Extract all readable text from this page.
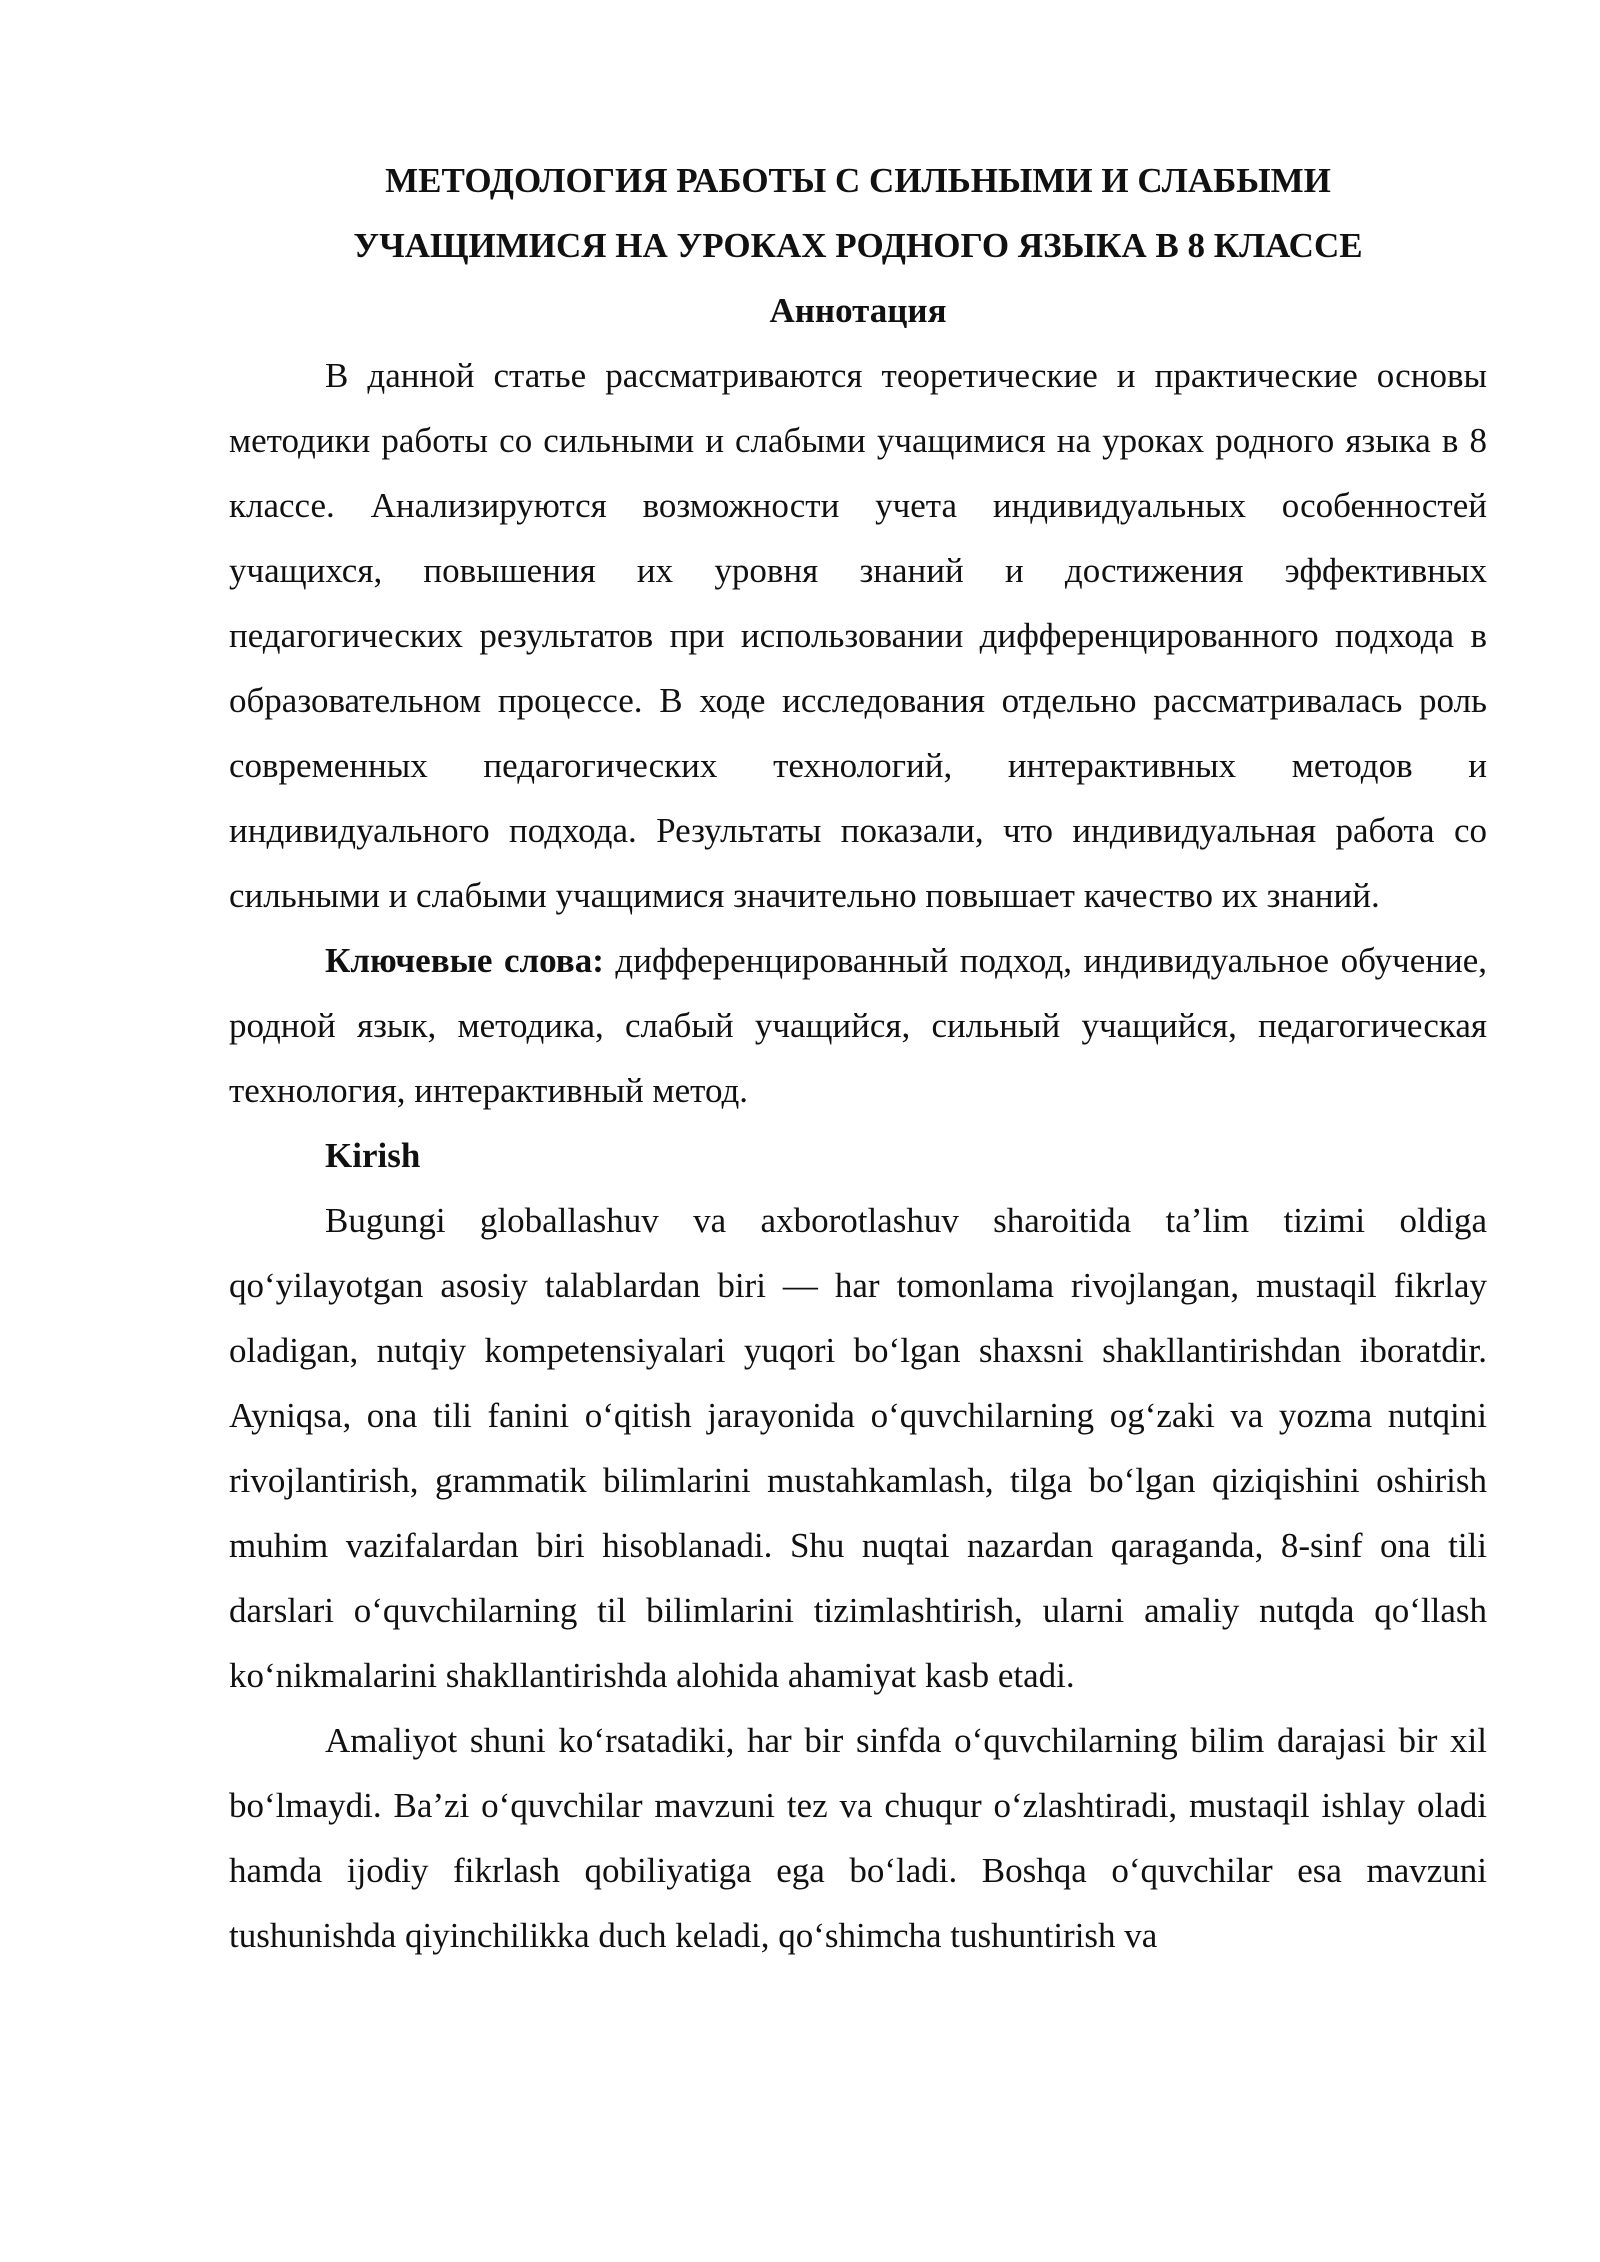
МЕТОДОЛОГИЯ РАБОТЫ С СИЛЬНЫМИ И СЛАБЫМИ

УЧАЩИМИСЯ НА УРОКАХ РОДНОГО ЯЗЫКА В 8 КЛАССЕ

Аннотация

В данной статье рассматриваются теоретические и практические основы методики работы со сильными и слабыми учащимися на уроках родного языка в 8 классе. Анализируются возможности учета индивидуальных особенностей учащихся, повышения их уровня знаний и достижения эффективных педагогических результатов при использовании дифференцированного подхода в образовательном процессе. В ходе исследования отдельно рассматривалась роль современных педагогических технологий, интерактивных методов и индивидуального подхода. Результаты показали, что индивидуальная работа со сильными и слабыми учащимися значительно повышает качество их знаний.

Ключевые слова: дифференцированный подход, индивидуальное обучение, родной язык, методика, слабый учащийся, сильный учащийся, педагогическая технология, интерактивный метод.

Kirish

Bugungi globallashuv va axborotlashuv sharoitida ta’lim tizimi oldiga qo‘yilayotgan asosiy talablardan biri — har tomonlama rivojlangan, mustaqil fikrlay oladigan, nutqiy kompetensiyalari yuqori bo‘lgan shaxsni shakllantirishdan iboratdir. Ayniqsa, ona tili fanini o‘qitish jarayonida o‘quvchilarning og‘zaki va yozma nutqini rivojlantirish, grammatik bilimlarini mustahkamlash, tilga bo‘lgan qiziqishini oshirish muhim vazifalardan biri hisoblanadi. Shu nuqtai nazardan qaraganda, 8-sinf ona tili darslari o‘quvchilarning til bilimlarini tizimlashtirish, ularni amaliy nutqda qo‘llash ko‘nikmalarini shakllantirishda alohida ahamiyat kasb etadi.

Amaliyot shuni ko‘rsatadiki, har bir sinfda o‘quvchilarning bilim darajasi bir xil bo‘lmaydi. Ba’zi o‘quvchilar mavzuni tez va chuqur o‘zlashtiradi, mustaqil ishlay oladi hamda ijodiy fikrlash qobiliyatiga ega bo‘ladi. Boshqa o‘quvchilar esa mavzuni tushunishda qiyinchilikka duch keladi, qo‘shimcha tushuntirish va
